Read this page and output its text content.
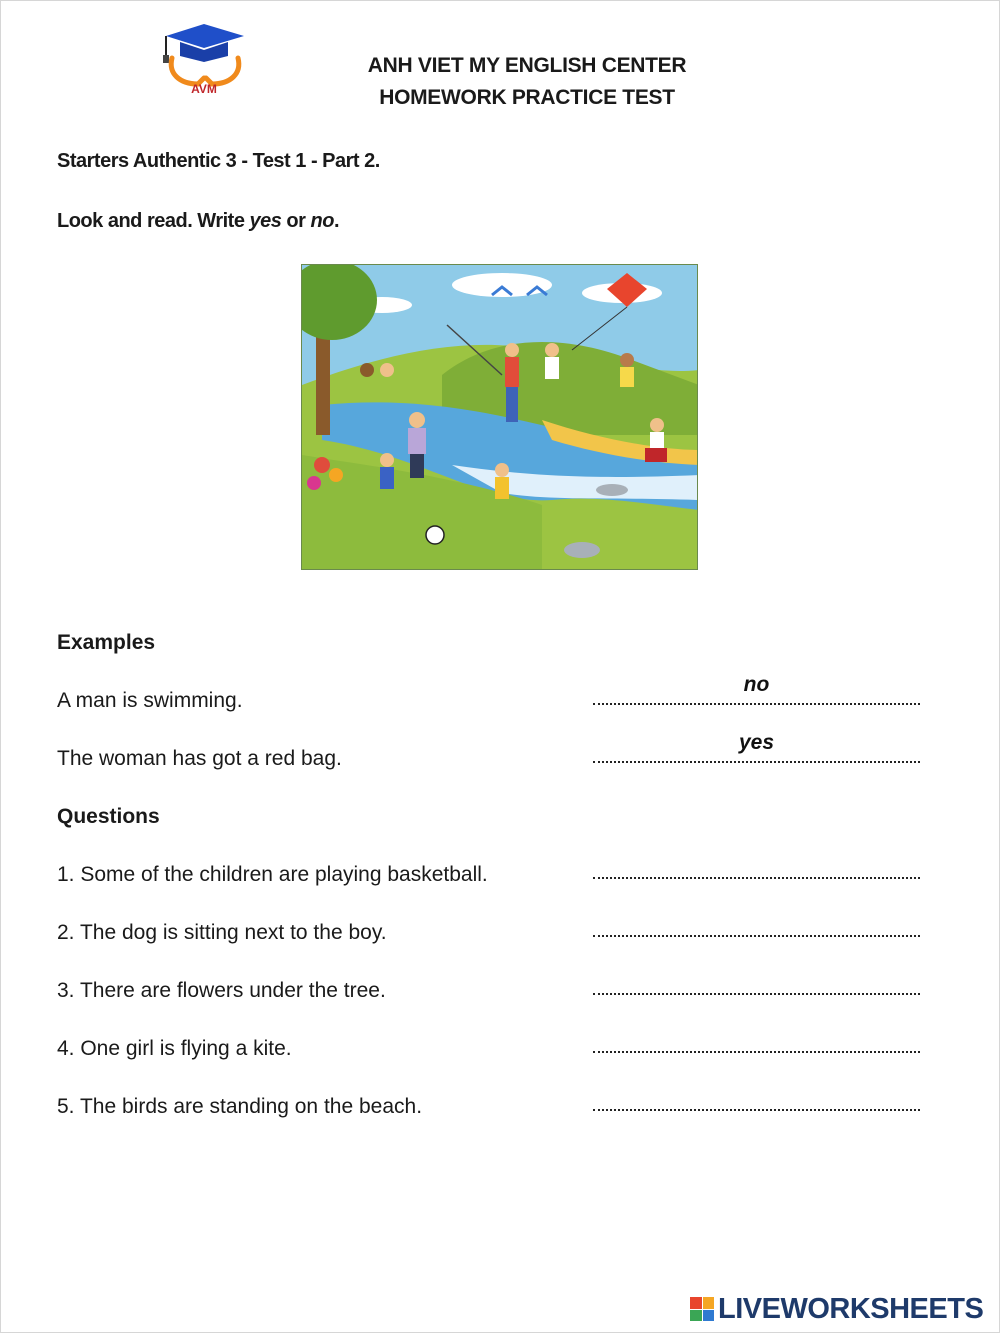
AVM
ANH VIET MY ENGLISH CENTER
HOMEWORK PRACTICE TEST
Starters Authentic 3 - Test 1 - Part 2.
Look and read. Write yes or no.
Examples
A man is swimming.
no
The woman has got a red bag.
yes
Questions
1. Some of the children are playing basketball.
2. The dog is sitting next to the boy.
3. There are flowers under the tree.
4. One girl is flying a kite.
5. The birds are standing on the beach.
LIVEWORKSHEETS
